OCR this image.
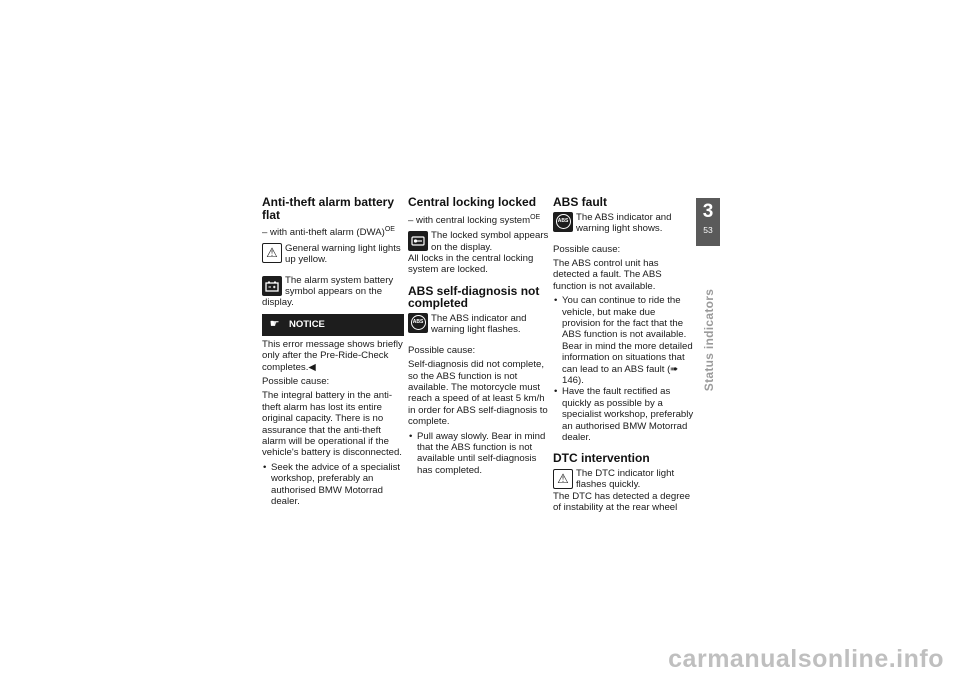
Anti-theft alarm battery flat

– with anti-theft alarm (DWA)$^{OE}$

⚠ General warning light lights up yellow.
The alarm system battery symbol appears on the display.
☛	NOTICE

This error message shows briefly only after the Pre-Ride-Check completes.◀

Possible cause:

The integral battery in the anti-theft alarm has lost its entire original capacity. There is no assurance that the anti-theft alarm will be operational if the vehicle's battery is disconnected.

• Seek the advice of a specialist workshop, preferably an authorised BMW Motorrad dealer.
Central locking locked

– with central locking system$^{OE}$

The locked symbol appears on the display.

All locks in the central locking system are locked.

ABS self-diagnosis not completed
ABS The ABS indicator and warning light flashes.

Possible cause:

Self-diagnosis did not complete, so the ABS function is not available. The motorcycle must reach a speed of at least 5 km/h in order for ABS self-diagnosis to complete.

• Pull away slowly. Bear in mind that the ABS function is not available until self-diagnosis has completed.
ABS fault
ABS The ABS indicator and warning light shows.

Possible cause:

The ABS control unit has detected a fault. The ABS function is not available.

• You can continue to ride the vehicle, but make due provision for the fact that the ABS function is not available. Bear in mind the more detailed information on situations that can lead to an ABS fault (➠ 146).
• Have the fault rectified as quickly as possible by a specialist workshop, preferably an authorised BMW Motorrad dealer.
DTC intervention
⚠ The DTC indicator light flashes quickly.

The DTC has detected a degree of instability at the rear wheel

3
53
Status indicators
carmanualsonline.info
